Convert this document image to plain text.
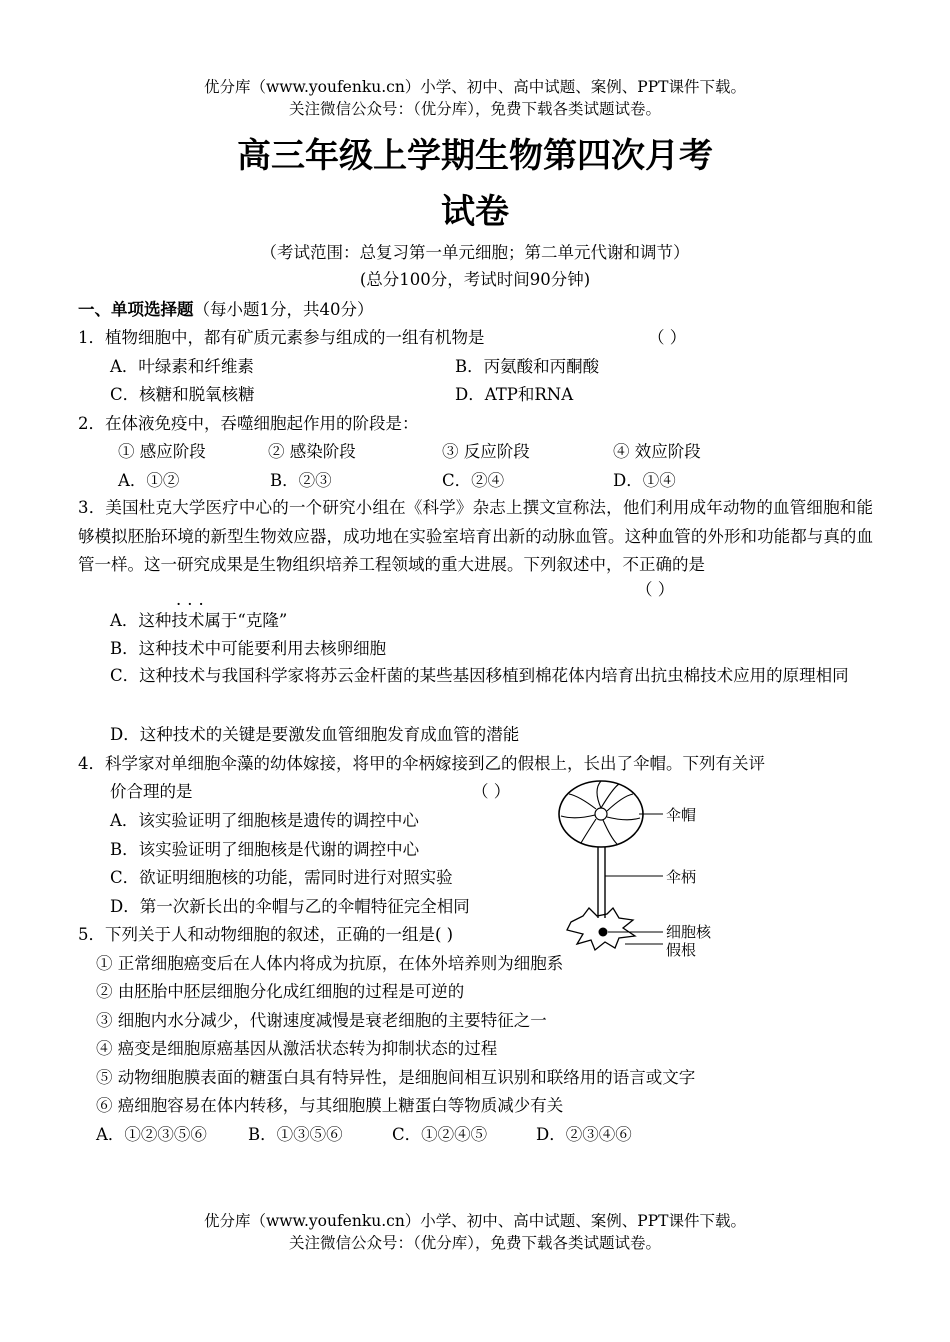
优分库（www.youfenku.cn）小学、初中、高中试题、案例、PPT课件下载。
关注微信公众号：（优分库），免费下载各类试题试卷。
高三年级上学期生物第四次月考
试卷
（考试范围：总复习第一单元细胞；第二单元代谢和调节）
(总分100分，考试时间90分钟)
一、单项选择题（每小题1分，共40分）
1．植物细胞中，都有矿质元素参与组成的一组有机物是	（ ）
A．叶绿素和纤维素	B．丙氨酸和丙酮酸
C．核糖和脱氧核糖	D．ATP和RNA
2．在体液免疫中，吞噬细胞起作用的阶段是：
① 感应阶段	② 感染阶段	③ 反应阶段	④ 效应阶段
A．①②	B．②③	C．②④	D．①④
3．美国杜克大学医疗中心的一个研究小组在《科学》杂志上撰文宣称法，他们利用成年动物的血管细胞和能够模拟胚胎环境的新型生物效应器，成功地在实验室培育出新的动脉血管。这种血管的外形和功能都与真的血管一样。这一研究成果是生物组织培养工程领域的重大进展。下列叙述中，不正确的是
（ ）
···
A．这种技术属于“克隆”
B．这种技术中可能要利用去核卵细胞
C．这种技术与我国科学家将苏云金杆菌的某些基因移植到棉花体内培育出抗虫棉技术应用的原理相同
D．这种技术的关键是要激发血管细胞发育成血管的潜能
4．科学家对单细胞伞藻的幼体嫁接，将甲的伞柄嫁接到乙的假根上，长出了伞帽。下列有关评
价合理的是	（ ）
A．该实验证明了细胞核是遗传的调控中心
B．该实验证明了细胞核是代谢的调控中心
C．欲证明细胞核的功能，需同时进行对照实验
D．第一次新长出的伞帽与乙的伞帽特征完全相同
伞帽
伞柄
细胞核
假根
5．下列关于人和动物细胞的叙述，正确的一组是( )
① 正常细胞癌变后在人体内将成为抗原，在体外培养则为细胞系
② 由胚胎中胚层细胞分化成红细胞的过程是可逆的
③ 细胞内水分减少，代谢速度减慢是衰老细胞的主要特征之一
④ 癌变是细胞原癌基因从激活状态转为抑制状态的过程
⑤ 动物细胞膜表面的糖蛋白具有特异性，是细胞间相互识别和联络用的语言或文字
⑥ 癌细胞容易在体内转移，与其细胞膜上糖蛋白等物质减少有关
A．①②③⑤⑥ B．①③⑤⑥	C．①②④⑤	D．②③④⑥
优分库（www.youfenku.cn）小学、初中、高中试题、案例、PPT课件下载。
关注微信公众号：（优分库），免费下载各类试题试卷。
